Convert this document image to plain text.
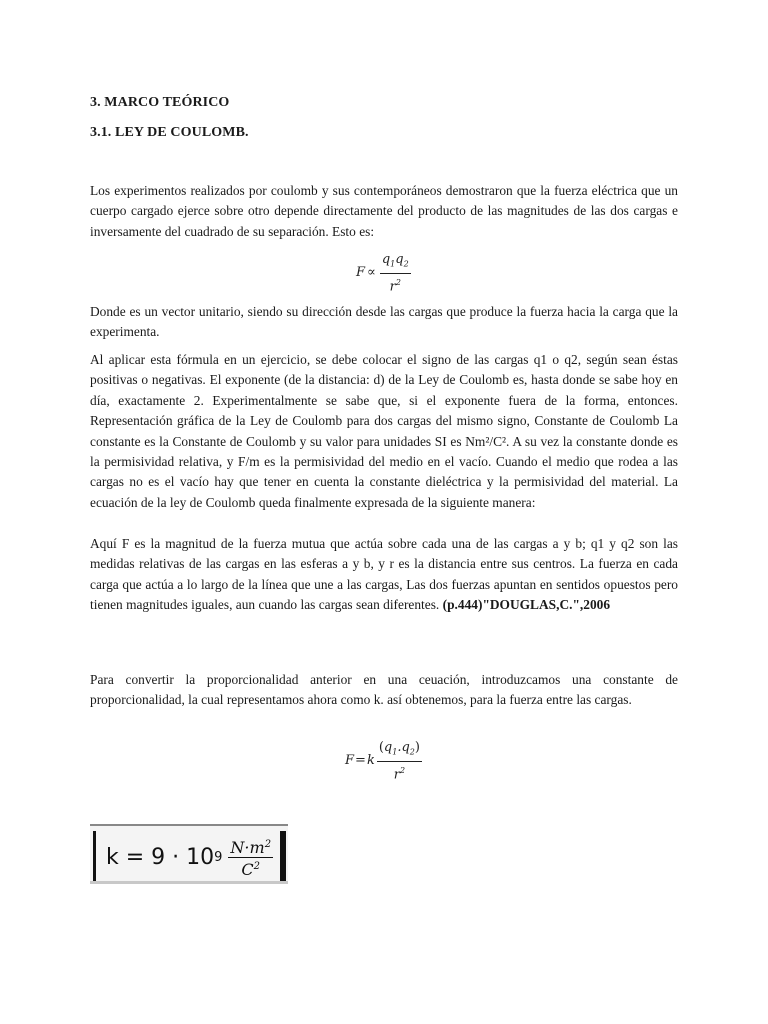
3. MARCO TEÓRICO
3.1. LEY DE COULOMB.
Los experimentos realizados por coulomb y sus contemporáneos demostraron que la fuerza eléctrica que un cuerpo cargado ejerce sobre otro depende directamente del producto de las magnitudes de las dos cargas e inversamente del cuadrado de su separación. Esto es:
$F \propto \frac{q_1q_2}{r^2}$
Donde es un vector unitario, siendo su dirección desde las cargas que produce la fuerza hacia la carga que la experimenta.
Al aplicar esta fórmula en un ejercicio, se debe colocar el signo de las cargas q1 o q2, según sean éstas positivas o negativas. El exponente (de la distancia: d) de la Ley de Coulomb es, hasta donde se sabe hoy en día, exactamente 2. Experimentalmente se sabe que, si el exponente fuera de la forma, entonces. Representación gráfica de la Ley de Coulomb para dos cargas del mismo signo, Constante de Coulomb La constante es la Constante de Coulomb y su valor para unidades SI es Nm²/C². A su vez la constante donde es la permisividad relativa, y F/m es la permisividad del medio en el vacío. Cuando el medio que rodea a las cargas no es el vacío hay que tener en cuenta la constante dieléctrica y la permisividad del material. La ecuación de la ley de Coulomb queda finalmente expresada de la siguiente manera:
Aquí F es la magnitud de la fuerza mutua que actúa sobre cada una de las cargas a y b; q1 y q2 son las medidas relativas de las cargas en las esferas a y b, y r es la distancia entre sus centros. La fuerza en cada carga que actúa a lo largo de la línea que une a las cargas, Las dos fuerzas apuntan en sentidos opuestos pero tienen magnitudes iguales, aun cuando las cargas sean diferentes. (p.444)"DOUGLAS,C.",2006
Para convertir la proporcionalidad anterior en una ceuación, introduzcamos una constante de proporcionalidad, la cual representamos ahora como k. así obtenemos, para la fuerza entre las cargas.
F = k $\frac{(q_1.q_2)}{r^2}$
k = 9 · 10 $9 \frac{N\cdot m^2}{C^2}$
